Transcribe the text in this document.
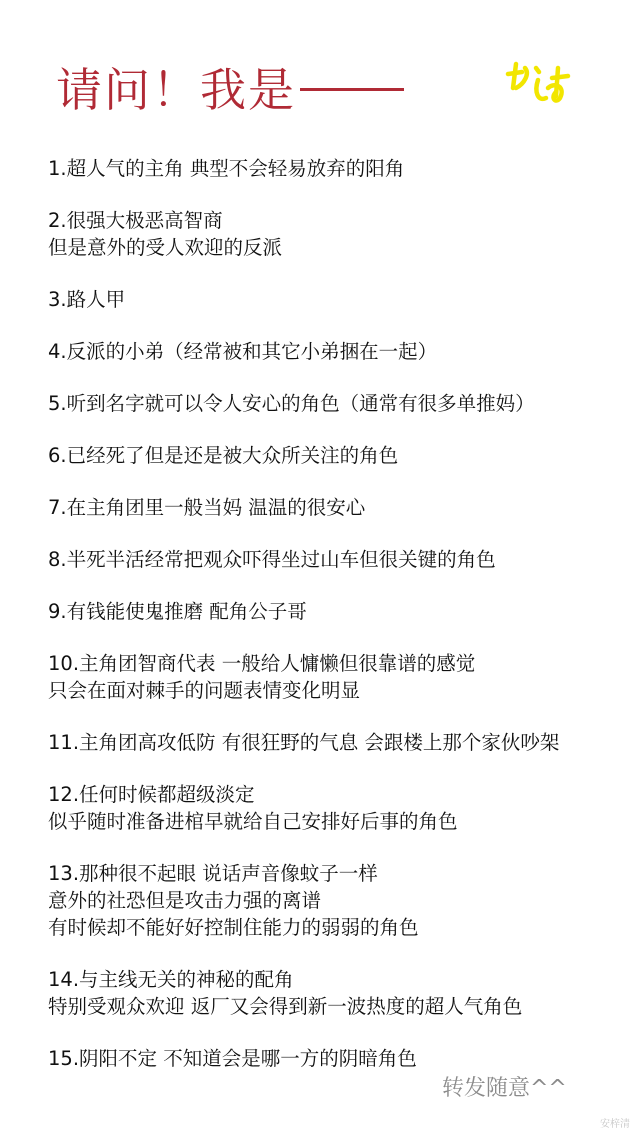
请问！我是
1.超人气的主角 典型不会轻易放弃的阳角
2.很强大极恶高智商
但是意外的受人欢迎的反派
3.路人甲
4.反派的小弟（经常被和其它小弟捆在一起）
5.听到名字就可以令人安心的角色（通常有很多单推妈）
6.已经死了但是还是被大众所关注的角色
7.在主角团里一般当妈 温温的很安心
8.半死半活经常把观众吓得坐过山车但很关键的角色
9.有钱能使鬼推磨 配角公子哥
10.主角团智商代表 一般给人慵懒但很靠谱的感觉
只会在面对棘手的问题表情变化明显
11.主角团高攻低防 有很狂野的气息 会跟楼上那个家伙吵架
12.任何时候都超级淡定
似乎随时准备进棺早就给自己安排好后事的角色
13.那种很不起眼 说话声音像蚊子一样
意外的社恐但是攻击力强的离谱
有时候却不能好好控制住能力的弱弱的角色
14.与主线无关的神秘的配角
特别受观众欢迎 返厂又会得到新一波热度的超人气角色
15.阴阳不定 不知道会是哪一方的阴暗角色
转发随意^^
安梓清
